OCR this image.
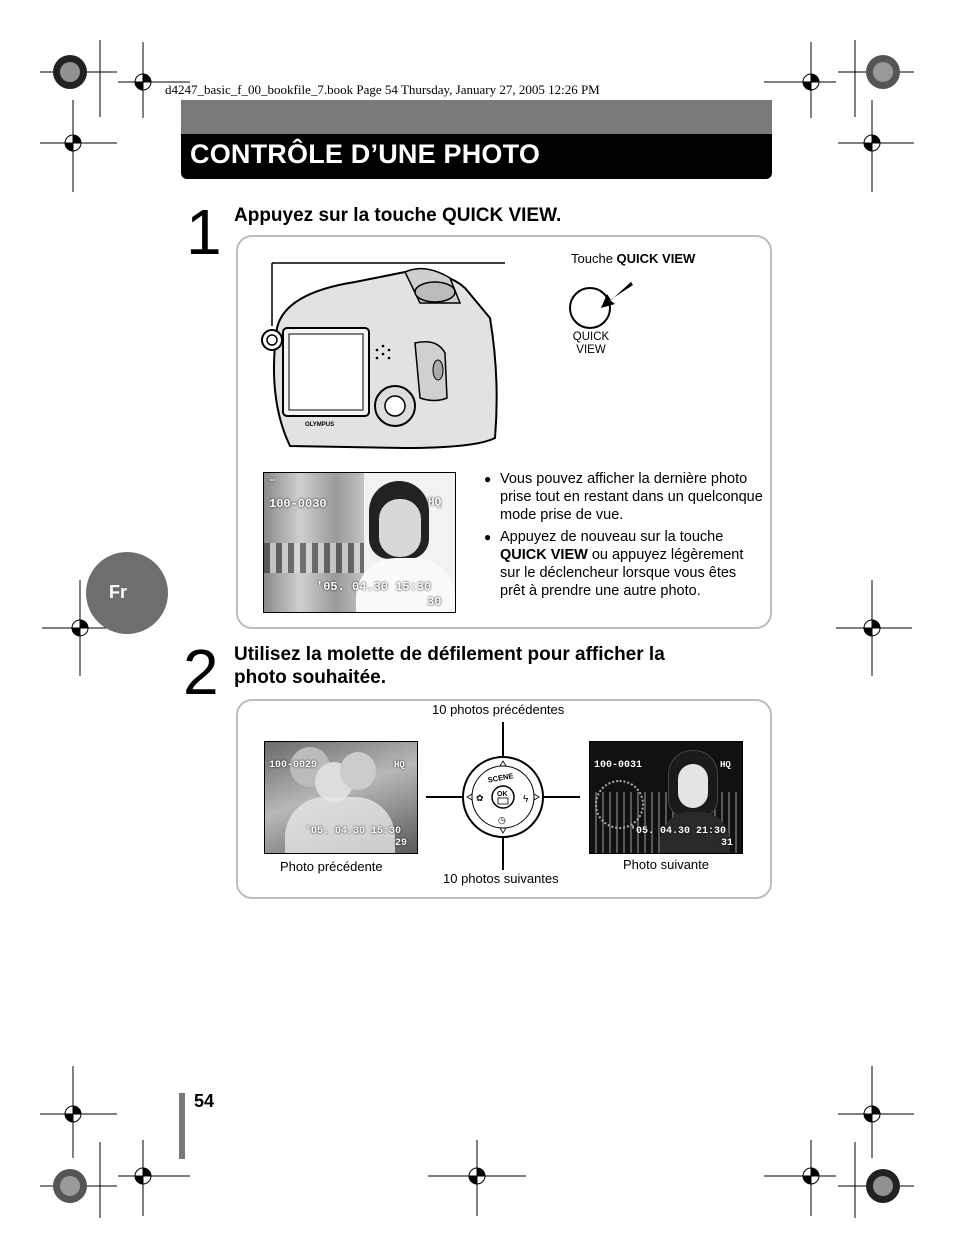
d4247_basic_f_00_bookfile_7.book Page 54 Thursday, January 27, 2005 12:26 PM
CONTRÔLE D’UNE PHOTO
Fr
1 Appuyez sur la touche QUICK VIEW.
OLYMPUS
Touche QUICK VIEW
QUICK
VIEW
▭
100-0030	HQ
'05. 04.30 15:30
30
● Vous pouvez afficher la dernière photo prise tout en restant dans un quelconque mode prise de vue.
● Appuyez de nouveau sur la touche QUICK VIEW ou appuyez légèrement sur le déclencheur lorsque vous êtes prêt à prendre une autre photo.
2 Utilisez la molette de défilement pour afficher la
photo souhaitée.
10 photos précédentes
10 photos suivantes
Photo précédente	Photo suivante
SCENE
OK
✿	ϟ
◷
100-0029	HQ
'05. 04.30 15:30
29
100-0031	HQ
'05. 04.30 21:30
31
54
